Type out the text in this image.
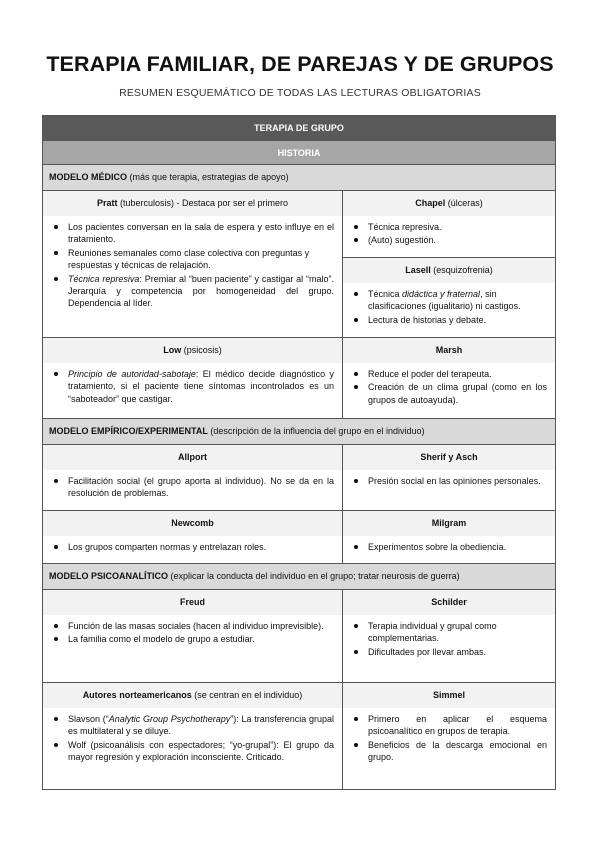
TERAPIA FAMILIAR, DE PAREJAS Y DE GRUPOS
RESUMEN ESQUEMÁTICO DE TODAS LAS LECTURAS OBLIGATORIAS
TERAPIA DE GRUPO
HISTORIA
MODELO MÉDICO (más que terapia, estrategias de apoyo)
Pratt (tuberculosis) - Destaca por ser el primero
Los pacientes conversan en la sala de espera y esto influye en el tratamiento.
Reuniones semanales como clase colectiva con preguntas y respuestas y técnicas de relajación.
Técnica represiva: Premiar al “buen paciente” y castigar al “malo”. Jerarquía y competencia por homogeneidad del grupo. Dependencia al líder.
Chapel (úlceras)
Técnica represiva.
(Auto) sugestión.
Lasell (esquizofrenia)
Técnica didáctica y fraternal, sin clasificaciones (igualitario) ni castigos.
Lectura de historias y debate.
Low (psicosis)
Principio de autoridad-sabotaje: El médico decide diagnóstico y tratamiento, si el paciente tiene síntomas incontrolados es un “saboteador” que castigar.
Marsh
Reduce el poder del terapeuta.
Creación de un clima grupal (como en los grupos de autoayuda).
MODELO EMPÍRICO/EXPERIMENTAL (descripción de la influencia del grupo en el individuo)
Allport
Facilitación social (el grupo aporta al individuo). No se da en la resolución de problemas.
Sherif y Asch
Presión social en las opiniones personales.
Newcomb
Los grupos comparten normas y entrelazan roles.
Milgram
Experimentos sobre la obediencia.
MODELO PSICOANALÍTICO (explicar la conducta del individuo en el grupo; tratar neurosis de guerra)
Freud
Función de las masas sociales (hacen al individuo imprevisible).
La familia como el modelo de grupo a estudiar.
Schilder
Terapia individual y grupal como complementarias.
Dificultades por llevar ambas.
Autores norteamericanos (se centran en el individuo)
Slavson (“Analytic Group Psychotherapy”): La transferencia grupal es multilateral y se diluye.
Wolf (psicoanálisis con espectadores; “yo-grupal”): El grupo da mayor regresión y exploración inconsciente. Criticado.
Simmel
Primero en aplicar el esquema psicoanalítico en grupos de terapia.
Beneficios de la descarga emocional en grupo.
